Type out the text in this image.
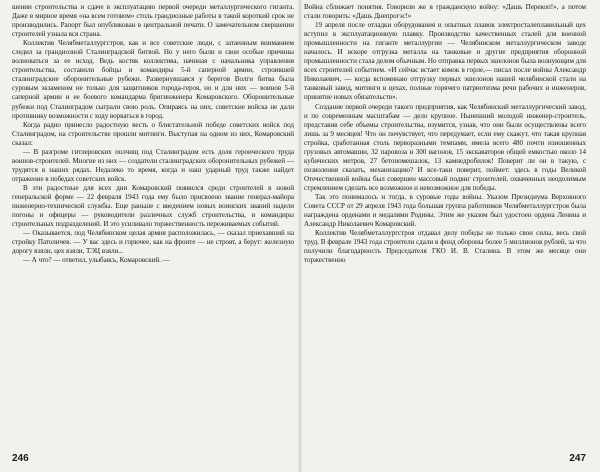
шении строительства и сдаче в эксплуатацию первой очереди металлургического гиганта. Даже в мирное время «на всем готовом» столь грандиозные работы в такой короткий срок не производились. Рапорт был опубликован в центральной печати. О замечательном свершении строителей узнала вся страна.

Коллектив Челябметаллургстроя, как и все советские люди, с затаенным вниманием следил за грандиозной Сталинградской битвой. Но у него были и свои особые причины волноваться за ее исход. Ведь костяк коллектива, начиная с начальника управления строительства, составили бойцы и командиры 5-й саперной армии, строившей сталинградские оборонительные рубежи. Развернувшаяся у берегов Волги битва была суровым экзаменом не только для защитников города-героя, но и для них — воинов 5-й саперной армии и ее боевого командарма бригинженера Комаровского. Оборонительные рубежи под Сталинградом сыграли свою роль. Опираясь на них, советские войска не дали противнику возможности с ходу ворваться в город.

Когда радио принесло радостную весть о блистательной победе советских войск под Сталинградом, на строительстве прошли митинги. Выступая на одном из них, Комаровский сказал:

— В разгроме гитлеровских полчищ под Сталинградом есть доля героического труда воинов-строителей. Многие из них — создатели сталинградских оборонительных рубежей — трудятся в наших рядах. Недалеко то время, когда и наш ударный труд также найдет отражение в победах советских войск.

В эти радостные для всех дни Комаровский появился среди строителей в новой генеральской форме — 22 февраля 1943 года ему было присвоено звание генерал-майора инженерно-технической службы. Еще раньше с введением новых воинских званий надели погоны и офицеры — руководители различных служб строительства, и командиры строительных подразделений. И это усиливало торжественность переживаемых событий.

— Оказывается, под Челябинском целая армия расположилась, — сказал приехавший на стройку Патоличев. — У вас здесь и горючее, как на фронте — не строят, а берут: железную дорогу взяли, цех взяли, ТЭЦ взяли...

— А что? — ответил, улыбаясь, Комаровский. —

246

Война сближает понятия. Говорили же в гражданскую войну: «Дашь Перекоп!», а потом стали говорить: «Дашь Днепрогэс!»

19 апреля после отладки оборудования и опытных плавок электросталеплавильный цех вступил в эксплуатационную плавку. Производство качественных сталей для военной промышленности на гиганте металлургии — Челябинском металлургическом заводе началось. И вскоре отгрузка металла на танковые и другие предприятия оборонной промышленности стала делом обычным. Но отправка первых эшелонов была волнующим для всех строителей событием. «И сейчас встает комок в горле,— писал после войны Александр Николаевич, — когда вспоминаю отгрузку первых эшелонов нашей челябинской стали на танковый завод, митинги в цехах, полные горячего патриотизма речи рабочих и инженеров, принятие новых обязательств».

Создание первой очереди такого предприятия, как Челябинский металлургический завод, и по современным масштабам — дело крупное. Нынешний молодой инженер-строитель, представив себе объемы строительства, изумится, узнав, что они были осуществлены всего лишь за 9 месяцев! Что он почувствует, что передумает, если ему скажут, что такая крупная стройка, сработанная столь перворазными темпами, имела всего 480 почти изношенных грузовых автомашин, 32 паровоза и 300 вагонов, 15 экскаваторов общей емкостью около 14 кубических метров, 27 бетономешалок, 13 камнедробилок! Поверит ли он в такую, с позволения сказать, механизацию? И все-таки поверит, поймет: здесь в годы Великой Отечественной войны был совершен массовый подвиг строителей, охваченных неодолимым стремлением сделать все возможное и невозможное для победы.

Так это понималось и тогда, в суровые годы войны. Указом Президиума Верховного Совета СССР от 29 апреля 1943 года большая группа работников Челябметаллургстроя была награждена орденами и медалями Родины. Этим же указом был удостоен ордена Ленина и Александр Николаевич Комаровский.

Коллектив Челябметаллургстроя отдавал делу победы не только свои силы, весь свой труд. В феврале 1943 года строители сдали в фонд обороны более 5 миллионов рублей, за что получили благодарность Председателя ГКО И. В. Сталина. В этом же месяце они торжественно

247
